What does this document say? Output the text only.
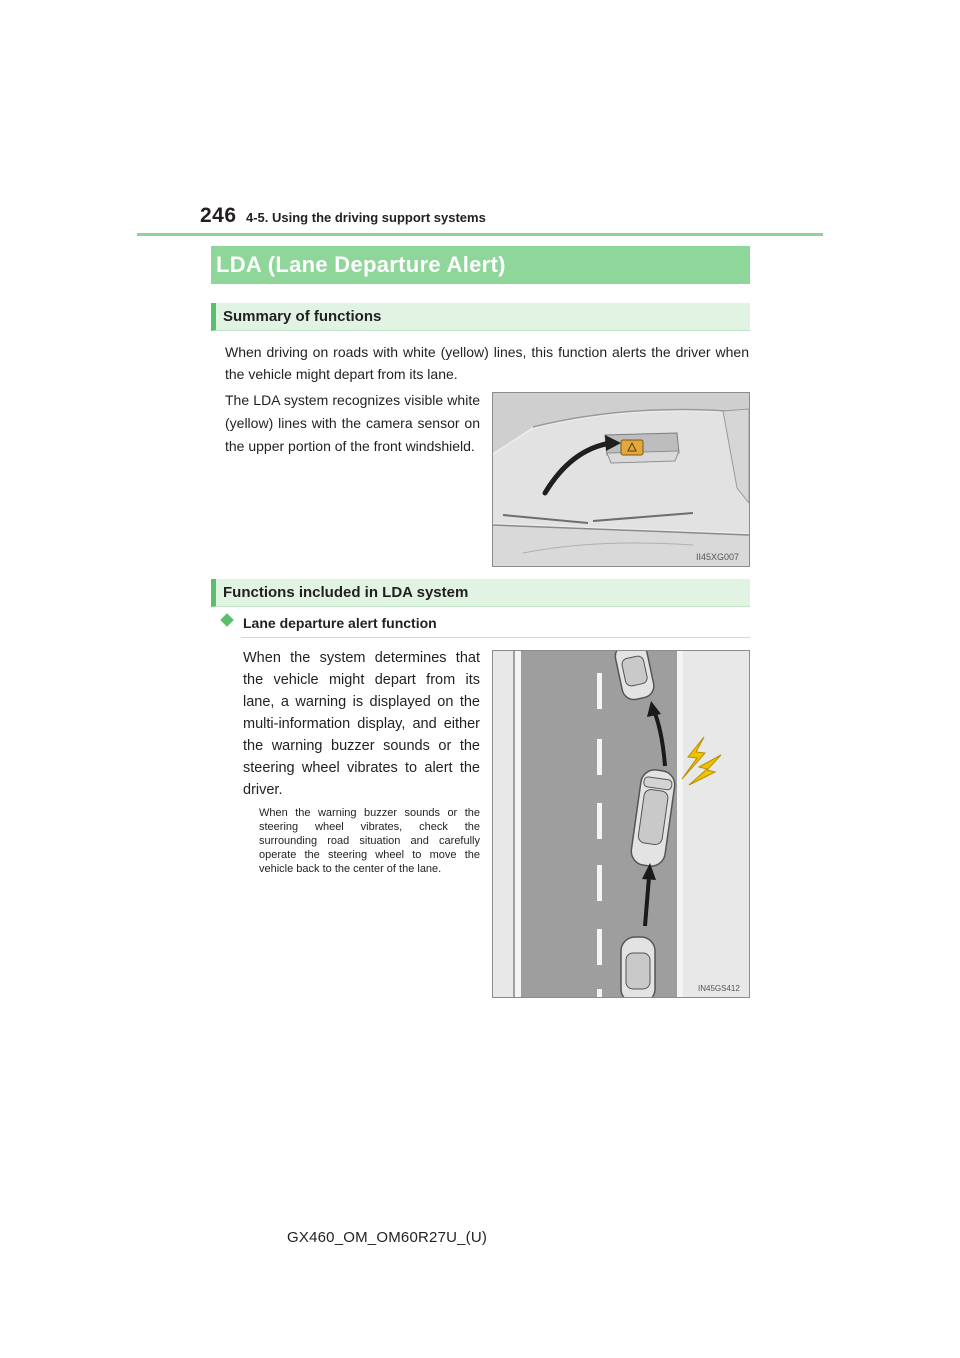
246 4-5. Using the driving support systems
LDA (Lane Departure Alert)
Summary of functions
When driving on roads with white (yellow) lines, this function alerts the driver when the vehicle might depart from its lane.
The LDA system recognizes visible white (yellow) lines with the camera sensor on the upper portion of the front windshield.
II45XG007
Functions included in LDA system
Lane departure alert function
When the system determines that the vehicle might depart from its lane, a warning is displayed on the multi-information display, and either the warning buzzer sounds or the steering wheel vibrates to alert the driver.
When the warning buzzer sounds or the steering wheel vibrates, check the surrounding road situation and carefully operate the steering wheel to move the vehicle back to the center of the lane.
IN45GS412
GX460_OM_OM60R27U_(U)
